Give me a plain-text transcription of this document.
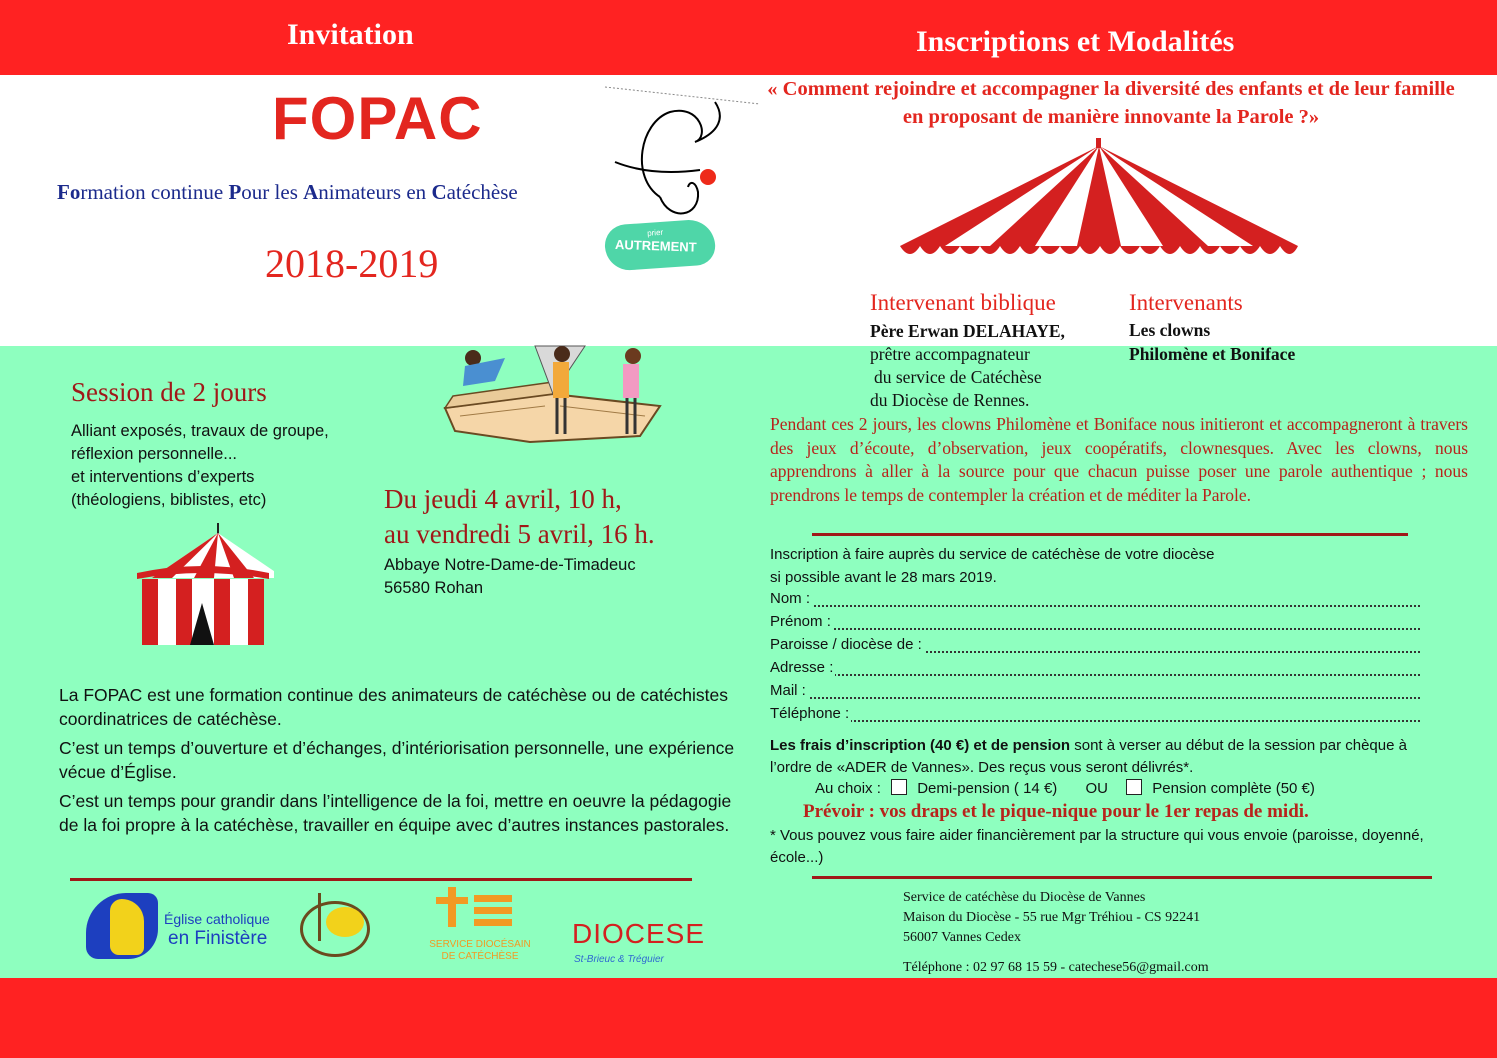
Invitation	Inscriptions et Modalités
FOPAC
Formation continue Pour les Animateurs en Catéchèse
2018-2019
prier
AUTREMENT
Session de 2 jours
Alliant exposés, travaux de groupe,
réflexion personnelle...
et interventions d’experts
(théologiens, biblistes, etc)	Du jeudi 4 avril, 10 h,
au vendredi 5 avril, 16 h.
Abbaye Notre-Dame-de-Timadeuc
56580 Rohan
La FOPAC est une formation continue des animateurs de catéchèse ou de catéchistes coordinatrices de catéchèse.
C’est un temps d’ouverture et d’échanges, d’intériorisation personnelle, une expérience vécue d’Église.
C’est un temps pour grandir dans l’intelligence de la foi, mettre en oeuvre la pédagogie de la foi propre à la catéchèse, travailler en équipe avec d’autres instances pastorales.
Église catholique
en Finistère	SERVICE DIOCÉSAIN
DE CATÉCHÈSE
DIOCESE
St-Brieuc & Tréguier
« Comment rejoindre et accompagner la diversité des enfants et de leur famille en proposant de manière innovante la Parole ?»
Intervenant biblique
Père Erwan DELAHAYE,
prêtre accompagnateur
du service de Catéchèse
du Diocèse de Rennes.
Intervenants
Les clowns
Philomène et Boniface
Pendant ces 2 jours, les clowns Philomène et Boniface nous initieront et accompagneront à travers des jeux d’écoute, d’observation, jeux coopératifs, clownesques. Avec les clowns, nous apprendrons à aller à la source pour que chacun puisse poser une parole authentique ; nous prendrons le temps de contempler la création et de méditer la Parole.
Inscription à faire auprès du service de catéchèse de votre diocèse
si possible avant le 28 mars 2019.
Nom :
Prénom :
Paroisse / diocèse de :
Adresse :
Mail :
Téléphone :
Les frais d’inscription (40 €) et de pension sont à verser au début de la session par chèque à l’ordre de «ADER de Vannes». Des reçus vous seront délivrés*.
Au choix : Demi-pension ( 14 €) OU	Pension complète (50 €)
Prévoir : vos draps et le pique-nique pour le 1er repas de midi.
* Vous pouvez vous faire aider financièrement par la structure qui vous envoie (paroisse, doyenné, école...)
Service de catéchèse du Diocèse de Vannes
Maison du Diocèse - 55 rue Mgr Tréhiou - CS 92241
56007 Vannes Cedex
Téléphone : 02 97 68 15 59 - catechese56@gmail.com
